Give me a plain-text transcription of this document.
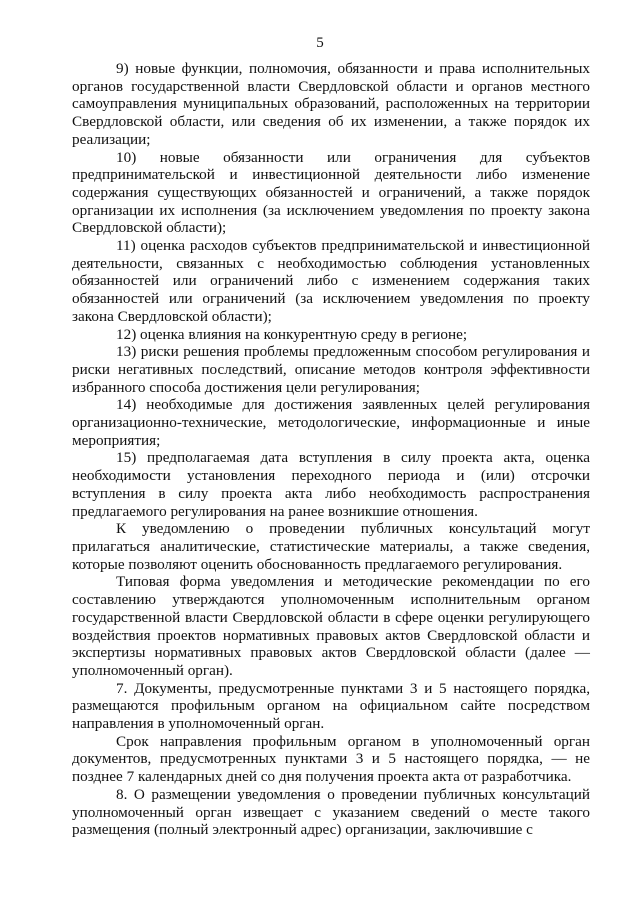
5

9) новые функции, полномочия, обязанности и права исполнительных органов государственной власти Свердловской области и органов местного самоуправления муниципальных образований, расположенных на территории Свердловской области, или сведения об их изменении, а также порядок их реализации;

10) новые обязанности или ограничения для субъектов предпринимательской и инвестиционной деятельности либо изменение содержания существующих обязанностей и ограничений, а также порядок организации их исполнения (за исключением уведомления по проекту закона Свердловской области);

11) оценка расходов субъектов предпринимательской и инвестиционной деятельности, связанных с необходимостью соблюдения установленных обязанностей или ограничений либо с изменением содержания таких обязанностей или ограничений (за исключением уведомления по проекту закона Свердловской области);

12) оценка влияния на конкурентную среду в регионе;

13) риски решения проблемы предложенным способом регулирования и риски негативных последствий, описание методов контроля эффективности избранного способа достижения цели регулирования;

14) необходимые для достижения заявленных целей регулирования организационно-технические, методологические, информационные и иные мероприятия;

15) предполагаемая дата вступления в силу проекта акта, оценка необходимости установления переходного периода и (или) отсрочки вступления в силу проекта акта либо необходимость распространения предлагаемого регулирования на ранее возникшие отношения.

К уведомлению о проведении публичных консультаций могут прилагаться аналитические, статистические материалы, а также сведения, которые позволяют оценить обоснованность предлагаемого регулирования.

Типовая форма уведомления и методические рекомендации по его составлению утверждаются уполномоченным исполнительным органом государственной власти Свердловской области в сфере оценки регулирующего воздействия проектов нормативных правовых актов Свердловской области и экспертизы нормативных правовых актов Свердловской области (далее — уполномоченный орган).

7. Документы, предусмотренные пунктами 3 и 5 настоящего порядка, размещаются профильным органом на официальном сайте посредством направления в уполномоченный орган.

Срок направления профильным органом в уполномоченный орган документов, предусмотренных пунктами 3 и 5 настоящего порядка, — не позднее 7 календарных дней со дня получения проекта акта от разработчика.

8. О размещении уведомления о проведении публичных консультаций уполномоченный орган извещает с указанием сведений о месте такого размещения (полный электронный адрес) организации, заключившие с
